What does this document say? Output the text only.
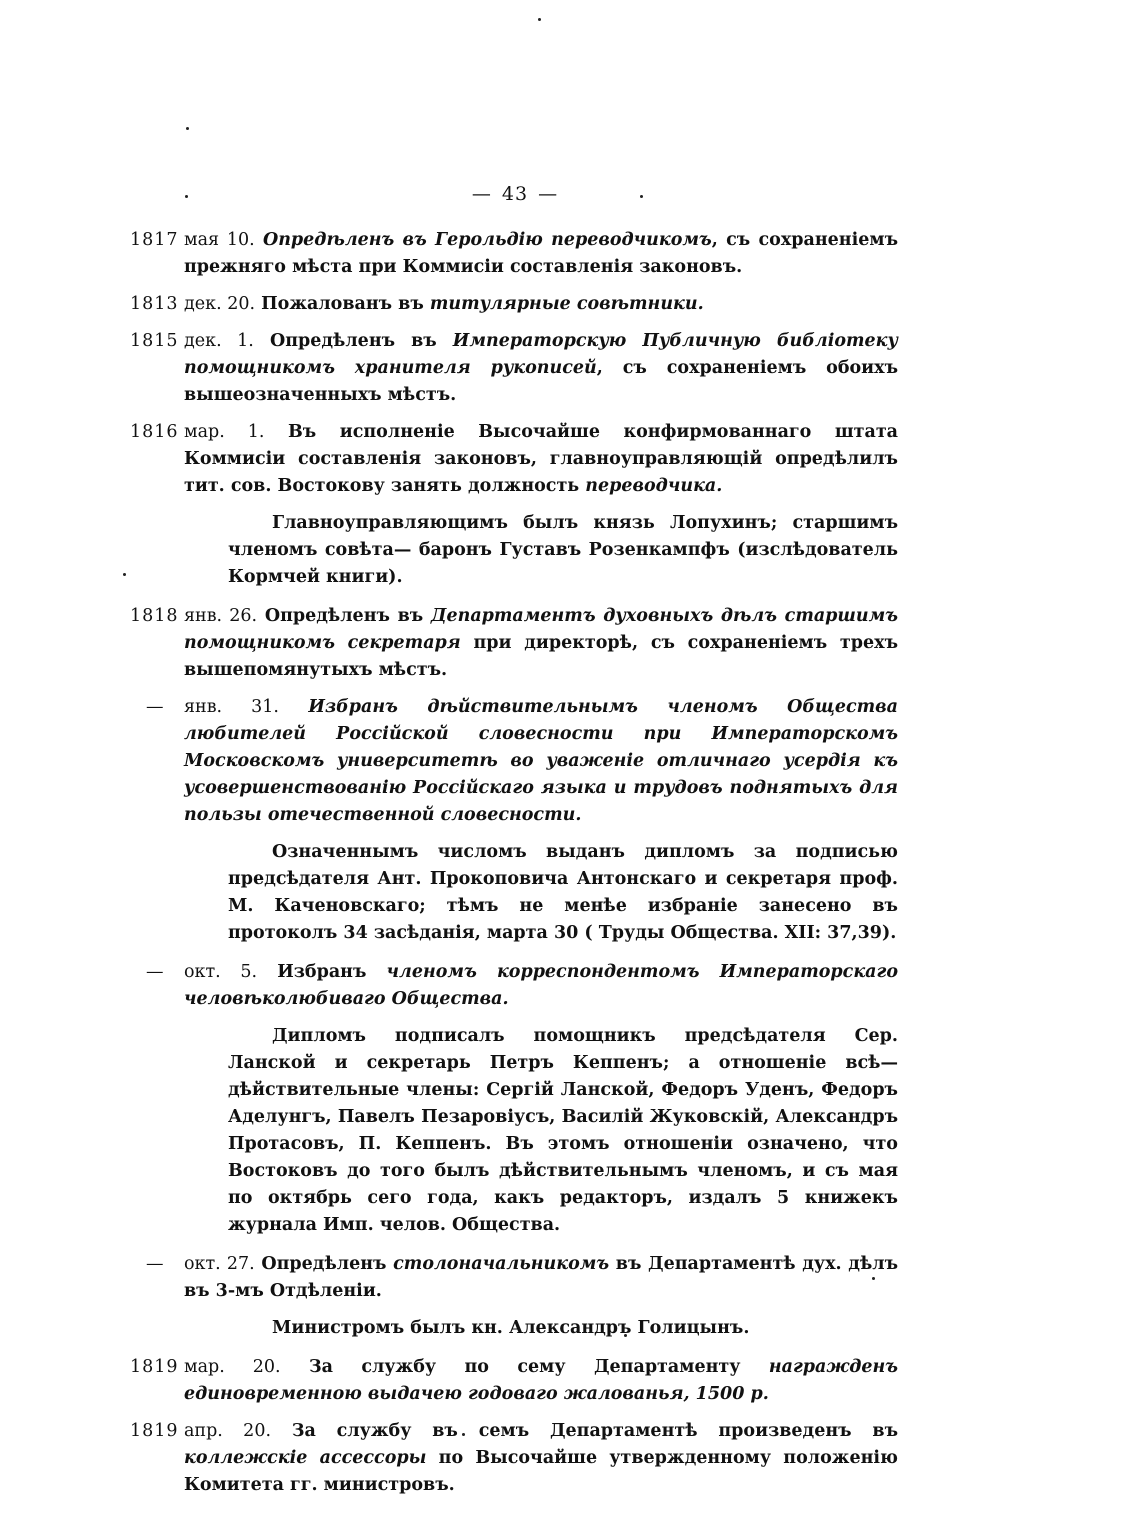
— 43 —
1817 мая 10. Опредѣленъ въ Герольдію переводчикомъ, съ сохраненіемъ прежняго мѣста при Коммисіи составленія законовъ.
1813 дек. 20. Пожалованъ въ титулярные совѣтники.
1815 дек. 1. Опредѣленъ въ Императорскую Публичную библіотеку помощникомъ хранителя рукописей, съ сохраненіемъ обоихъ вышеозначенныхъ мѣстъ.
1816 мар. 1. Въ исполненіе Высочайше конфирмованнаго штата Коммисіи составленія законовъ, главноуправляющій опредѣлилъ тит. сов. Востокову занять должность переводчика.
Главноуправляющимъ былъ князь Лопухинъ; старшимъ членомъ совѣта— баронъ Густавъ Розенкампфъ (изслѣдователь Кормчей книги).
1818 янв. 26. Опредѣленъ въ Департаментъ духовныхъ дѣлъ старшимъ помощникомъ секретаря при директорѣ, съ сохраненіемъ трехъ вышепомянутыхъ мѣстъ.
— янв. 31. Избранъ дѣйствительнымъ членомъ Общества любителей Россійской словесности при Императорскомъ Московскомъ университетѣ во уваженіе отличнаго усердія къ усовершенствованію Россійскаго языка и трудовъ поднятыхъ для пользы отечественной словесности.
Означеннымъ числомъ выданъ дипломъ за подписью предсѣдателя Ант. Прокоповича Антонскаго и секретаря проф. М. Каченовскаго; тѣмъ не менѣе избраніе занесено въ протоколъ 34 засѣданія, марта 30 ( Труды Общества. XII: 37,39).
— окт. 5. Избранъ членомъ корреспондентомъ Императорскаго человѣколюбиваго Общества.
Дипломъ подписалъ помощникъ предсѣдателя Сер. Ланской и секретарь Петръ Кеппенъ; а отношеніе всѣ—дѣйствительные члены: Сергій Ланской, Федоръ Уденъ, Федоръ Аделунгъ, Павелъ Пезаровіусъ, Василій Жуковскій, Александръ Протасовъ, П. Кеппенъ. Въ этомъ отношеніи означено, что Востоковъ до того былъ дѣйствительнымъ членомъ, и съ мая по октябрь сего года, какъ редакторъ, издалъ 5 книжекъ журнала Имп. челов. Общества.
— окт. 27. Опредѣленъ столоначальникомъ въ Департаментѣ дух. дѣлъ въ 3-мъ Отдѣленіи.
Министромъ былъ кн. Александръ Голицынъ.
1819 мар. 20. За службу по сему Департаменту награжденъ единовременною выдачею годоваго жалованья, 1500 р.
1819 апр. 20. За службу въ семъ Департаментѣ произведенъ въ коллежскіе ассессоры по Высочайше утвержденному положенію Комитета гг. министровъ.
